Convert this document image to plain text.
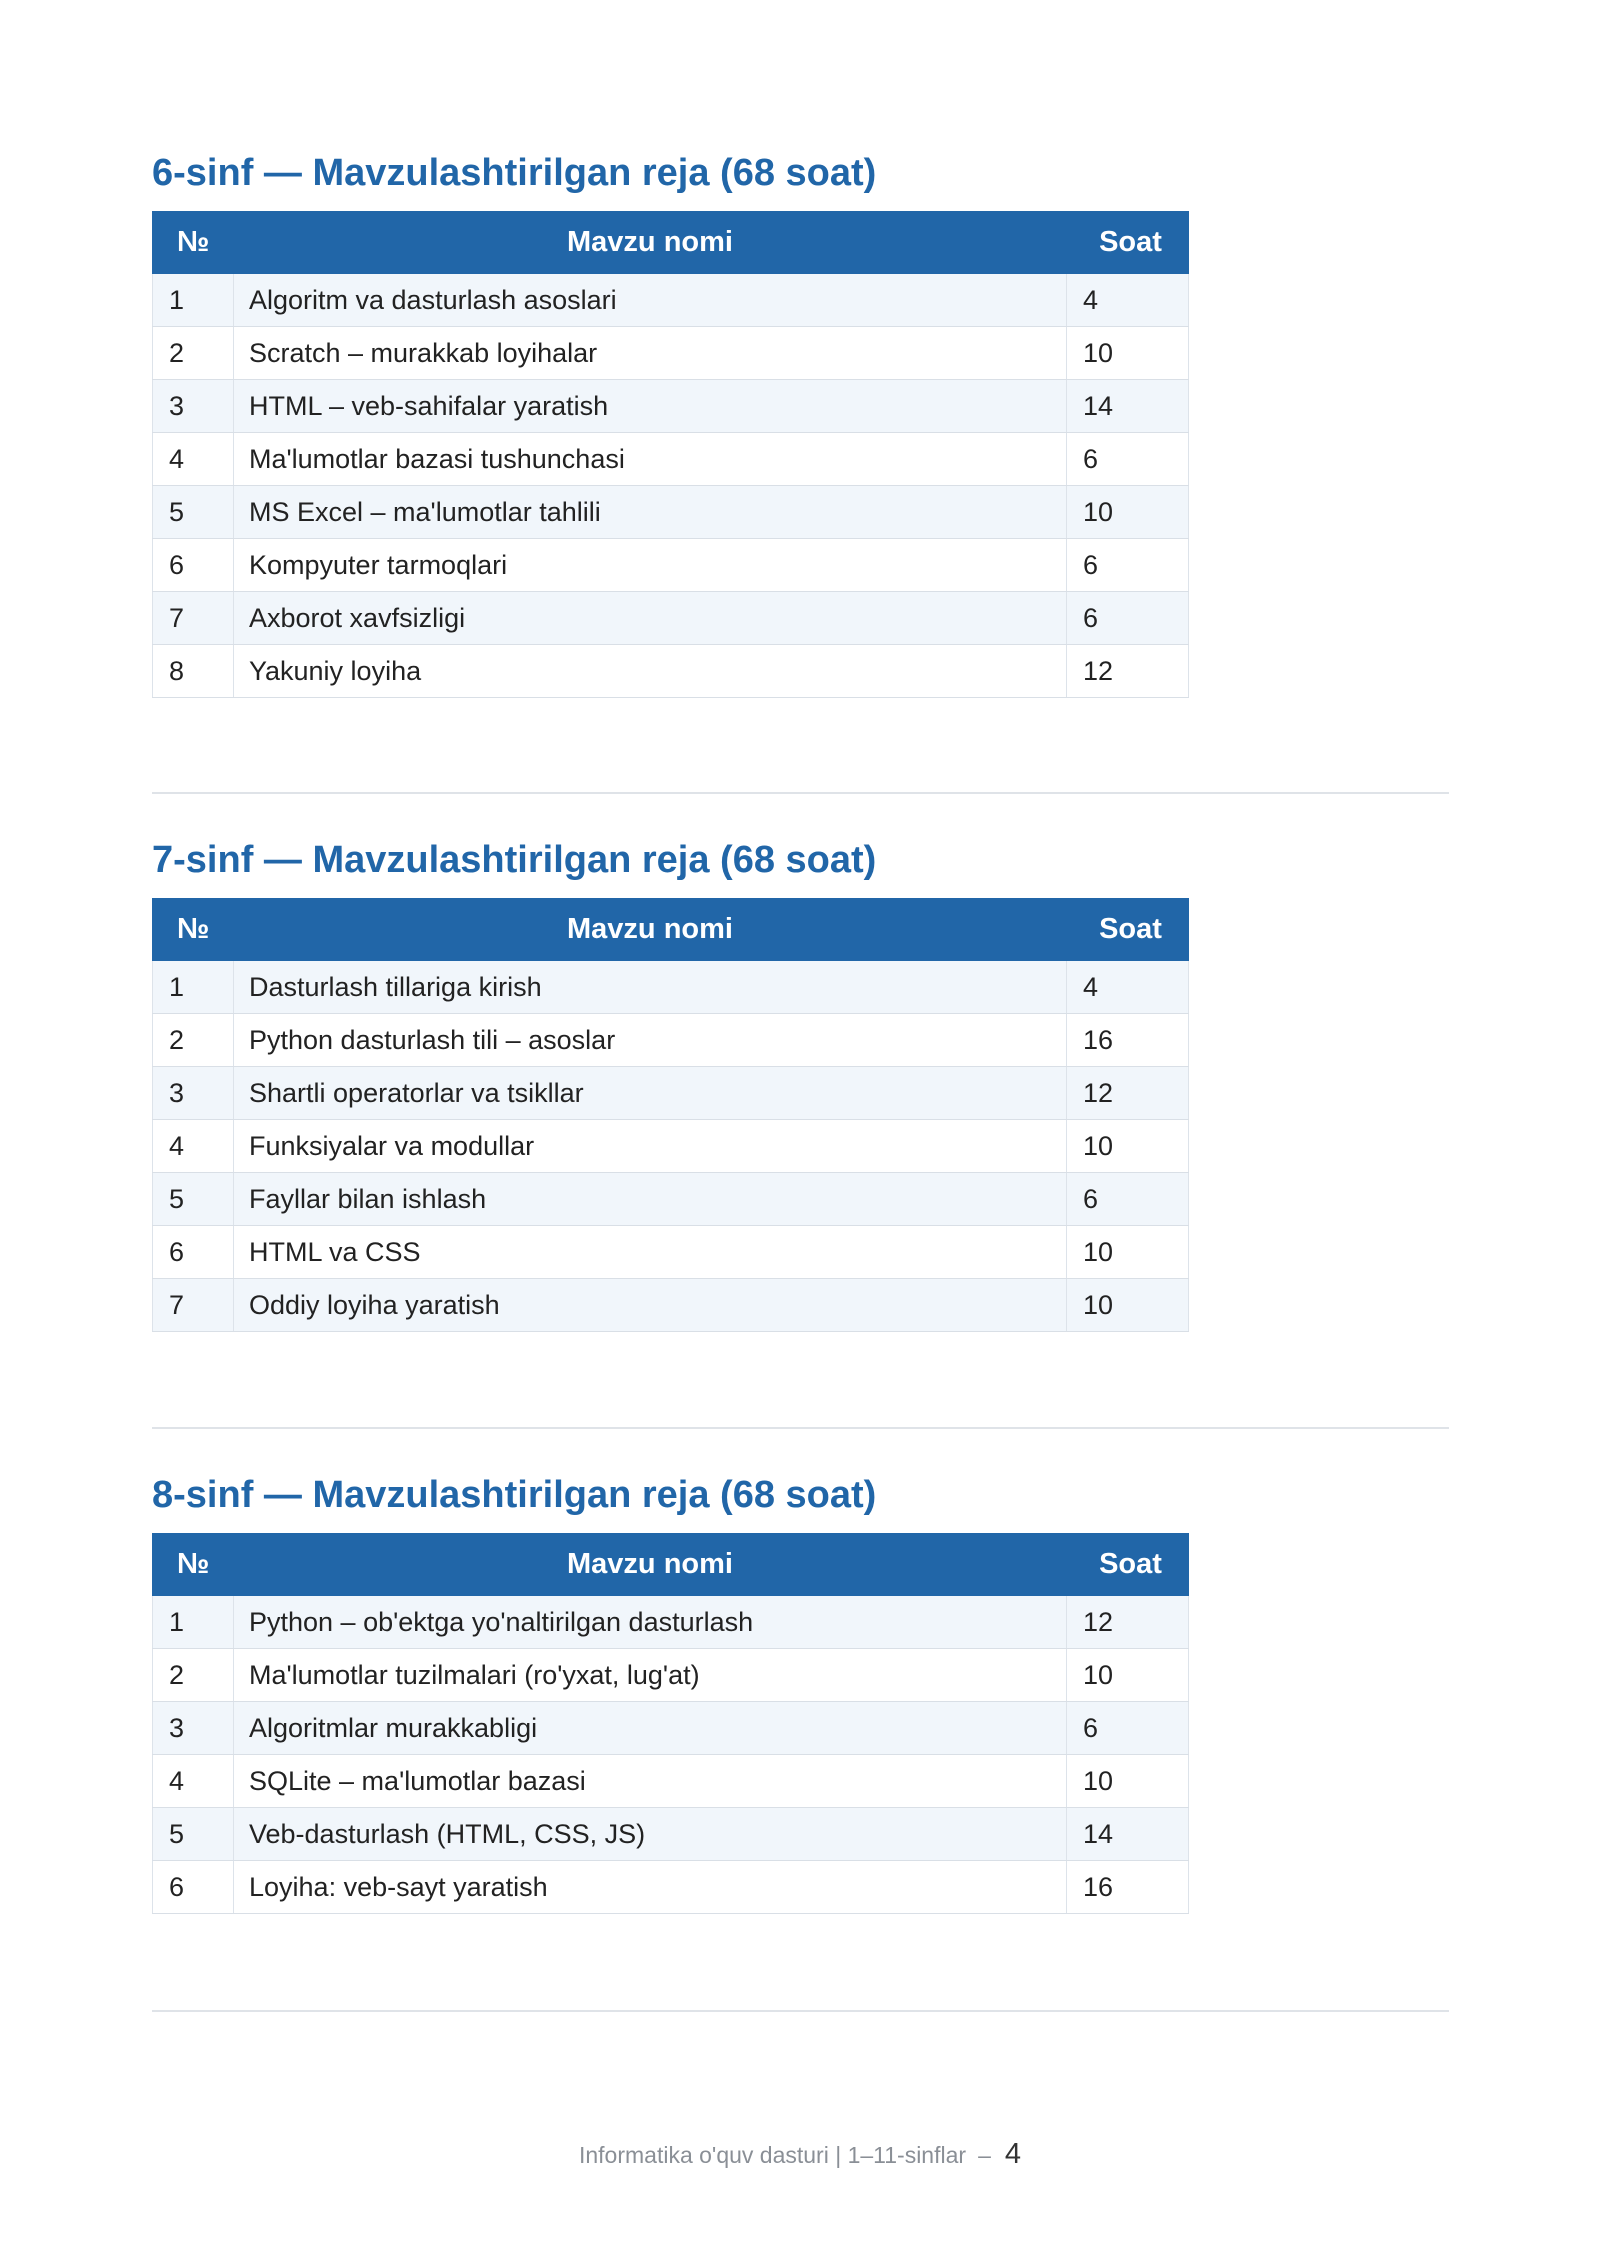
6-sinf — Mavzulashtirilgan reja (68 soat)
№	Mavzu nomi	Soat
1	Algoritm va dasturlash asoslari	4
2	Scratch – murakkab loyihalar	10
3	HTML – veb-sahifalar yaratish	14
4	Ma'lumotlar bazasi tushunchasi	6
5	MS Excel – ma'lumotlar tahlili	10
6	Kompyuter tarmoqlari	6
7	Axborot xavfsizligi	6
8	Yakuniy loyiha	12
7-sinf — Mavzulashtirilgan reja (68 soat)
№	Mavzu nomi	Soat
1	Dasturlash tillariga kirish	4
2	Python dasturlash tili – asoslar	16
3	Shartli operatorlar va tsikllar	12
4	Funksiyalar va modullar	10
5	Fayllar bilan ishlash	6
6	HTML va CSS	10
7	Oddiy loyiha yaratish	10
8-sinf — Mavzulashtirilgan reja (68 soat)
№	Mavzu nomi	Soat
1	Python – ob'ektga yo'naltirilgan dasturlash	12
2	Ma'lumotlar tuzilmalari (ro'yxat, lug'at)	10
3	Algoritmlar murakkabligi	6
4	SQLite – ma'lumotlar bazasi	10
5	Veb-dasturlash (HTML, CSS, JS)	14
6	Loyiha: veb-sayt yaratish	16
Informatika o'quv dasturi | 1–11-sinflar – 4
